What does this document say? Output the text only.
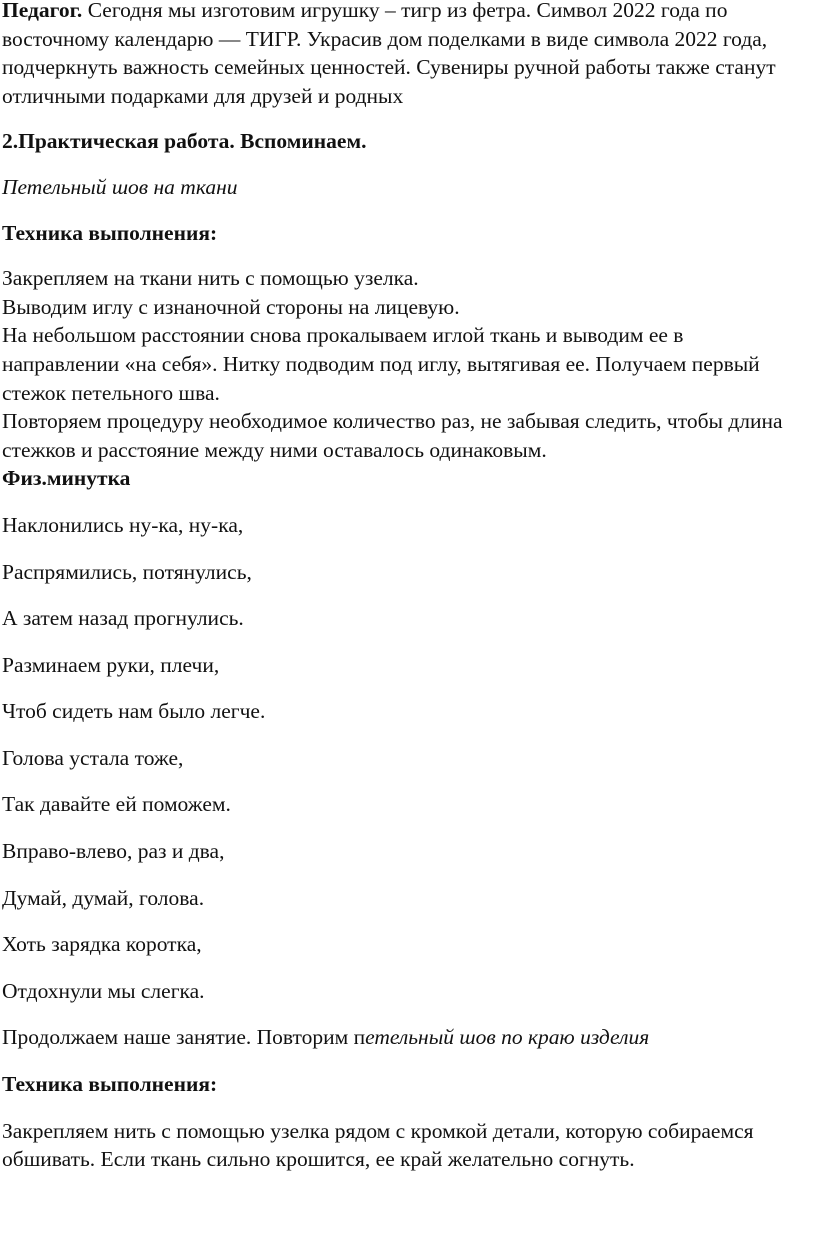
Педагог. Сегодня мы изготовим игрушку – тигр из фетра. Символ 2022 года по восточному календарю — ТИГР. Украсив дом поделками в виде символа 2022 года, подчеркнуть важность семейных ценностей. Сувениры ручной работы также станут отличными подарками для друзей и родных

2.Практическая работа. Вспоминаем.

Петельный шов на ткани

Техника выполнения:

Закрепляем на ткани нить с помощью узелка.

Выводим иглу с изнаночной стороны на лицевую.

На небольшом расстоянии снова прокалываем иглой ткань и выводим ее в направлении «на себя». Нитку подводим под иглу, вытягивая ее. Получаем первый стежок петельного шва.

Повторяем процедуру необходимое количество раз, не забывая следить, чтобы длина стежков и расстояние между ними оставалось одинаковым.

Физ.минутка

Наклонились ну-ка, ну-ка,

Распрямились, потянулись,

А затем назад прогнулись.

Разминаем руки, плечи,

Чтоб сидеть нам было легче.

Голова устала тоже,

Так давайте ей поможем.

Вправо-влево, раз и два,

Думай, думай, голова.

Хоть зарядка коротка,

Отдохнули мы слегка.

Продолжаем наше занятие. Повторим петельный шов по краю изделия

Техника выполнения:

Закрепляем нить с помощью узелка рядом с кромкой детали, которую собираемся обшивать. Если ткань сильно крошится, ее край желательно согнуть.
